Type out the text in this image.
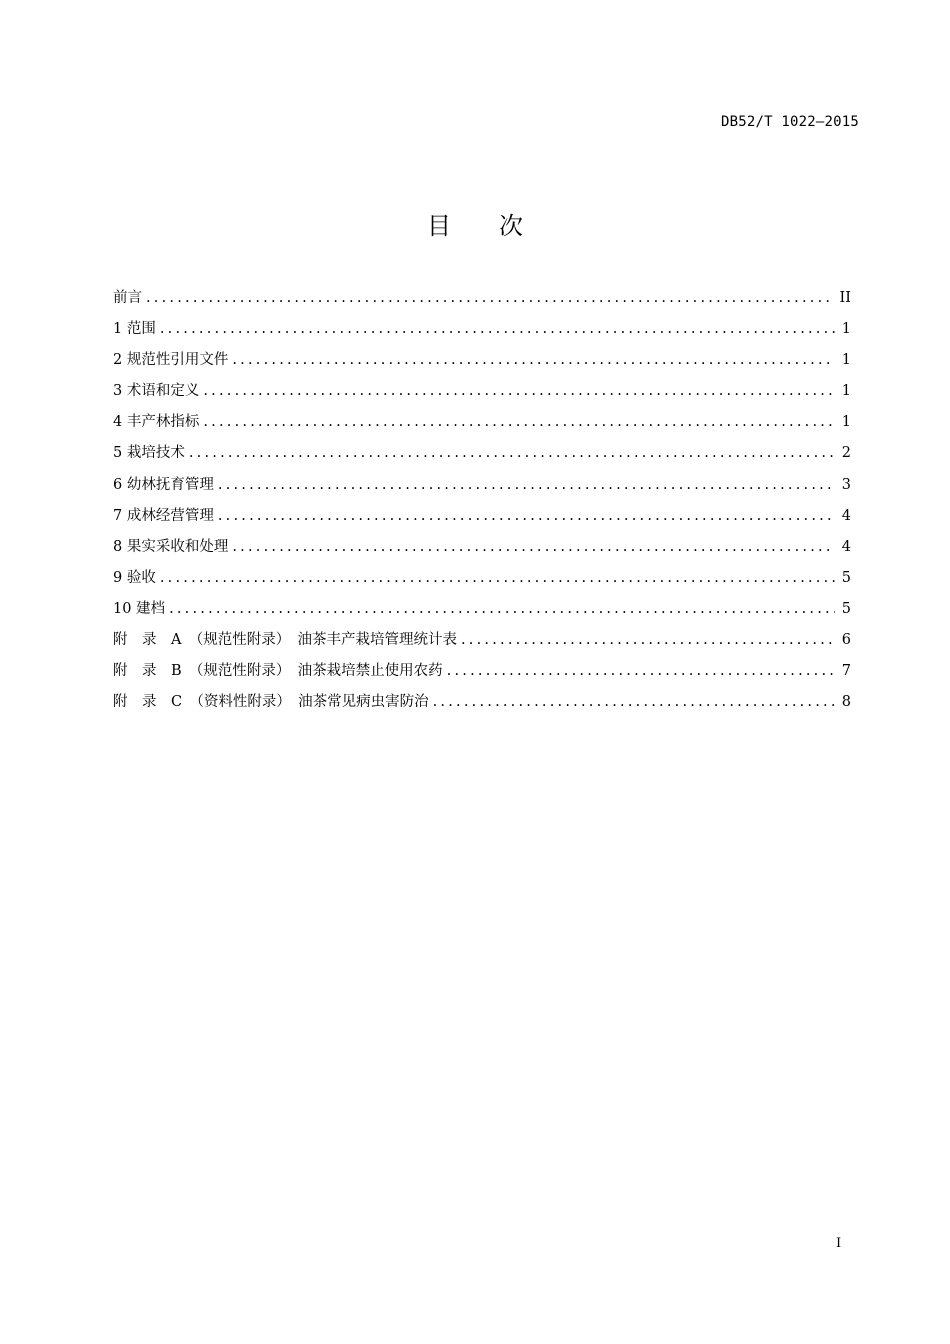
DB52/T 1022—2015
目次
前言 .....	II
1 范围 .....	1
2 规范性引用文件 .....	1
3 术语和定义 .....	1
4 丰产林指标 .....	1
5 栽培技术 .....	2
6 幼林抚育管理 .....	3
7 成林经营管理 .....	4
8 果实采收和处理 .....	4
9 验收 .....	5
10 建档 .....	5
附　录　A　（规范性附录）　油茶丰产栽培管理统计表 .....	6
附　录　B　（规范性附录）　油茶栽培禁止使用农药 .....	7
附　录　C　（资料性附录）　油茶常见病虫害防治 .....	8
I
